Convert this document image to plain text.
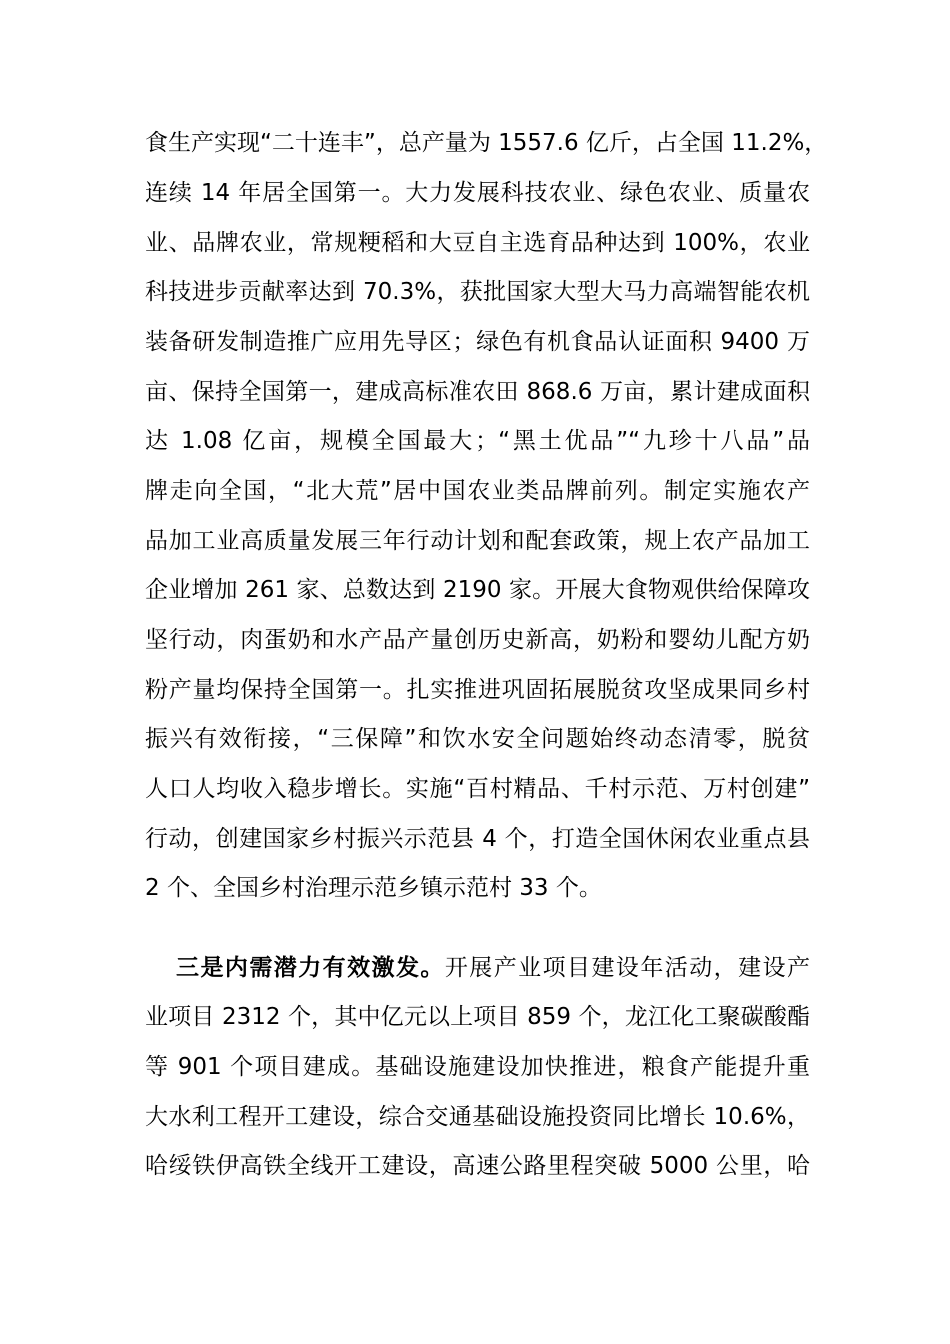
食生产实现“二十连丰”，总产量为 1557.6 亿斤，占全国 11.2%，
连续 14 年居全国第一。大力发展科技农业、绿色农业、质量农
业、品牌农业，常规粳稻和大豆自主选育品种达到 100%，农业
科技进步贡献率达到 70.3%，获批国家大型大马力高端智能农机
装备研发制造推广应用先导区；绿色有机食品认证面积 9400 万
亩、保持全国第一，建成高标准农田 868.6 万亩，累计建成面积
达 1.08 亿亩，规模全国最大；“黑土优品”“九珍十八品”品
牌走向全国，“北大荒”居中国农业类品牌前列。制定实施农产
品加工业高质量发展三年行动计划和配套政策，规上农产品加工
企业增加 261 家、总数达到 2190 家。开展大食物观供给保障攻
坚行动，肉蛋奶和水产品产量创历史新高，奶粉和婴幼儿配方奶
粉产量均保持全国第一。扎实推进巩固拓展脱贫攻坚成果同乡村
振兴有效衔接，“三保障”和饮水安全问题始终动态清零，脱贫
人口人均收入稳步增长。实施“百村精品、千村示范、万村创建”
行动，创建国家乡村振兴示范县 4 个，打造全国休闲农业重点县
2 个、全国乡村治理示范乡镇示范村 33 个。
三是内需潜力有效激发。开展产业项目建设年活动，建设产
业项目 2312 个，其中亿元以上项目 859 个，龙江化工聚碳酸酯
等 901 个项目建成。基础设施建设加快推进，粮食产能提升重
大水利工程开工建设，综合交通基础设施投资同比增长 10.6%，
哈绥铁伊高铁全线开工建设，高速公路里程突破 5000 公里，哈
